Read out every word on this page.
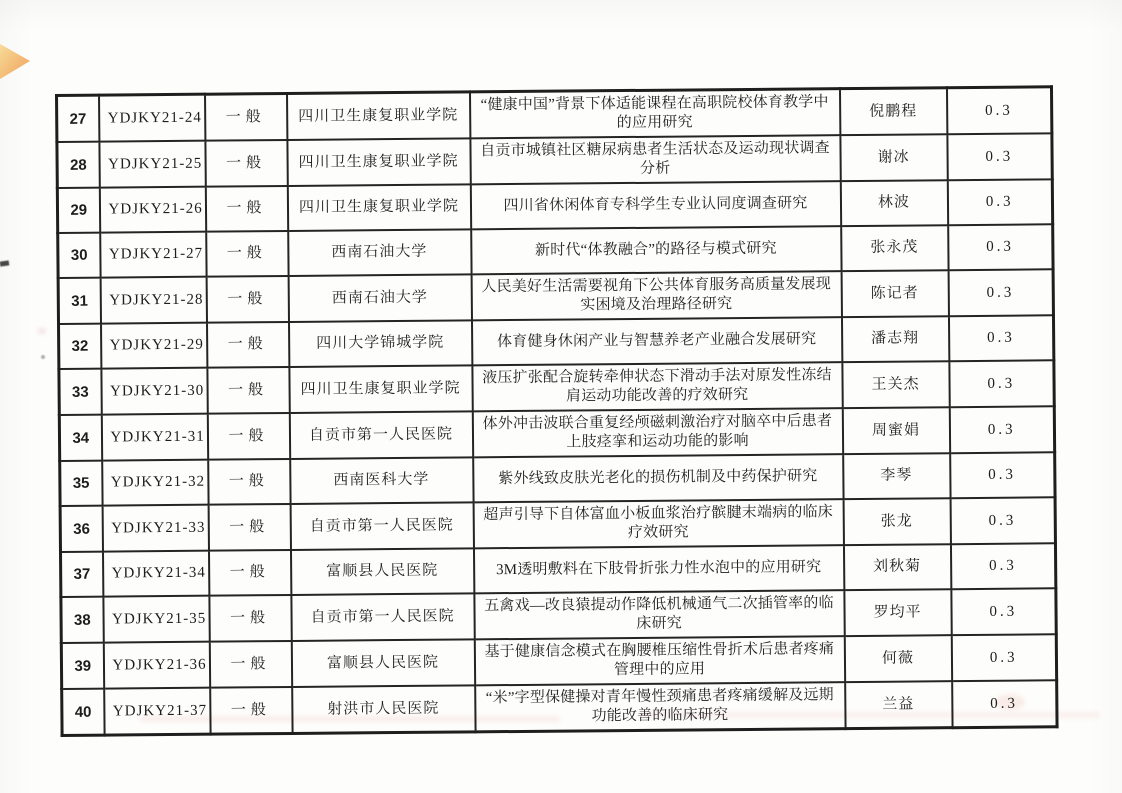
27	YDJKY21-24	一般	四川卫生康复职业学院	“健康中国”背景下体适能课程在高职院校体育教学中的应用研究	倪鹏程	0.3
28	YDJKY21-25	一般	四川卫生康复职业学院	自贡市城镇社区糖尿病患者生活状态及运动现状调查分析	谢冰	0.3
29	YDJKY21-26	一般	四川卫生康复职业学院	四川省休闲体育专科学生专业认同度调查研究	林波	0.3
30	YDJKY21-27	一般	西南石油大学	新时代“体教融合”的路径与模式研究	张永茂	0.3
31	YDJKY21-28	一般	西南石油大学	人民美好生活需要视角下公共体育服务高质量发展现实困境及治理路径研究	陈记者	0.3
32	YDJKY21-29	一般	四川大学锦城学院	体育健身休闲产业与智慧养老产业融合发展研究	潘志翔	0.3
33	YDJKY21-30	一般	四川卫生康复职业学院	液压扩张配合旋转牵伸状态下滑动手法对原发性冻结肩运动功能改善的疗效研究	王关杰	0.3
34	YDJKY21-31	一般	自贡市第一人民医院	体外冲击波联合重复经颅磁刺激治疗对脑卒中后患者上肢痉挛和运动功能的影响	周蜜娟	0.3
35	YDJKY21-32	一般	西南医科大学	紫外线致皮肤光老化的损伤机制及中药保护研究	李琴	0.3
36	YDJKY21-33	一般	自贡市第一人民医院	超声引导下自体富血小板血浆治疗髌腱末端病的临床疗效研究	张龙	0.3
37	YDJKY21-34	一般	富顺县人民医院	3M透明敷料在下肢骨折张力性水泡中的应用研究	刘秋菊	0.3
38	YDJKY21-35	一般	自贡市第一人民医院	五禽戏—改良猿提动作降低机械通气二次插管率的临床研究	罗均平	0.3
39	YDJKY21-36	一般	富顺县人民医院	基于健康信念模式在胸腰椎压缩性骨折术后患者疼痛管理中的应用	何薇	0.3
40	YDJKY21-37	一般	射洪市人民医院	“米”字型保健操对青年慢性颈痛患者疼痛缓解及远期功能改善的临床研究	兰益	0.3
